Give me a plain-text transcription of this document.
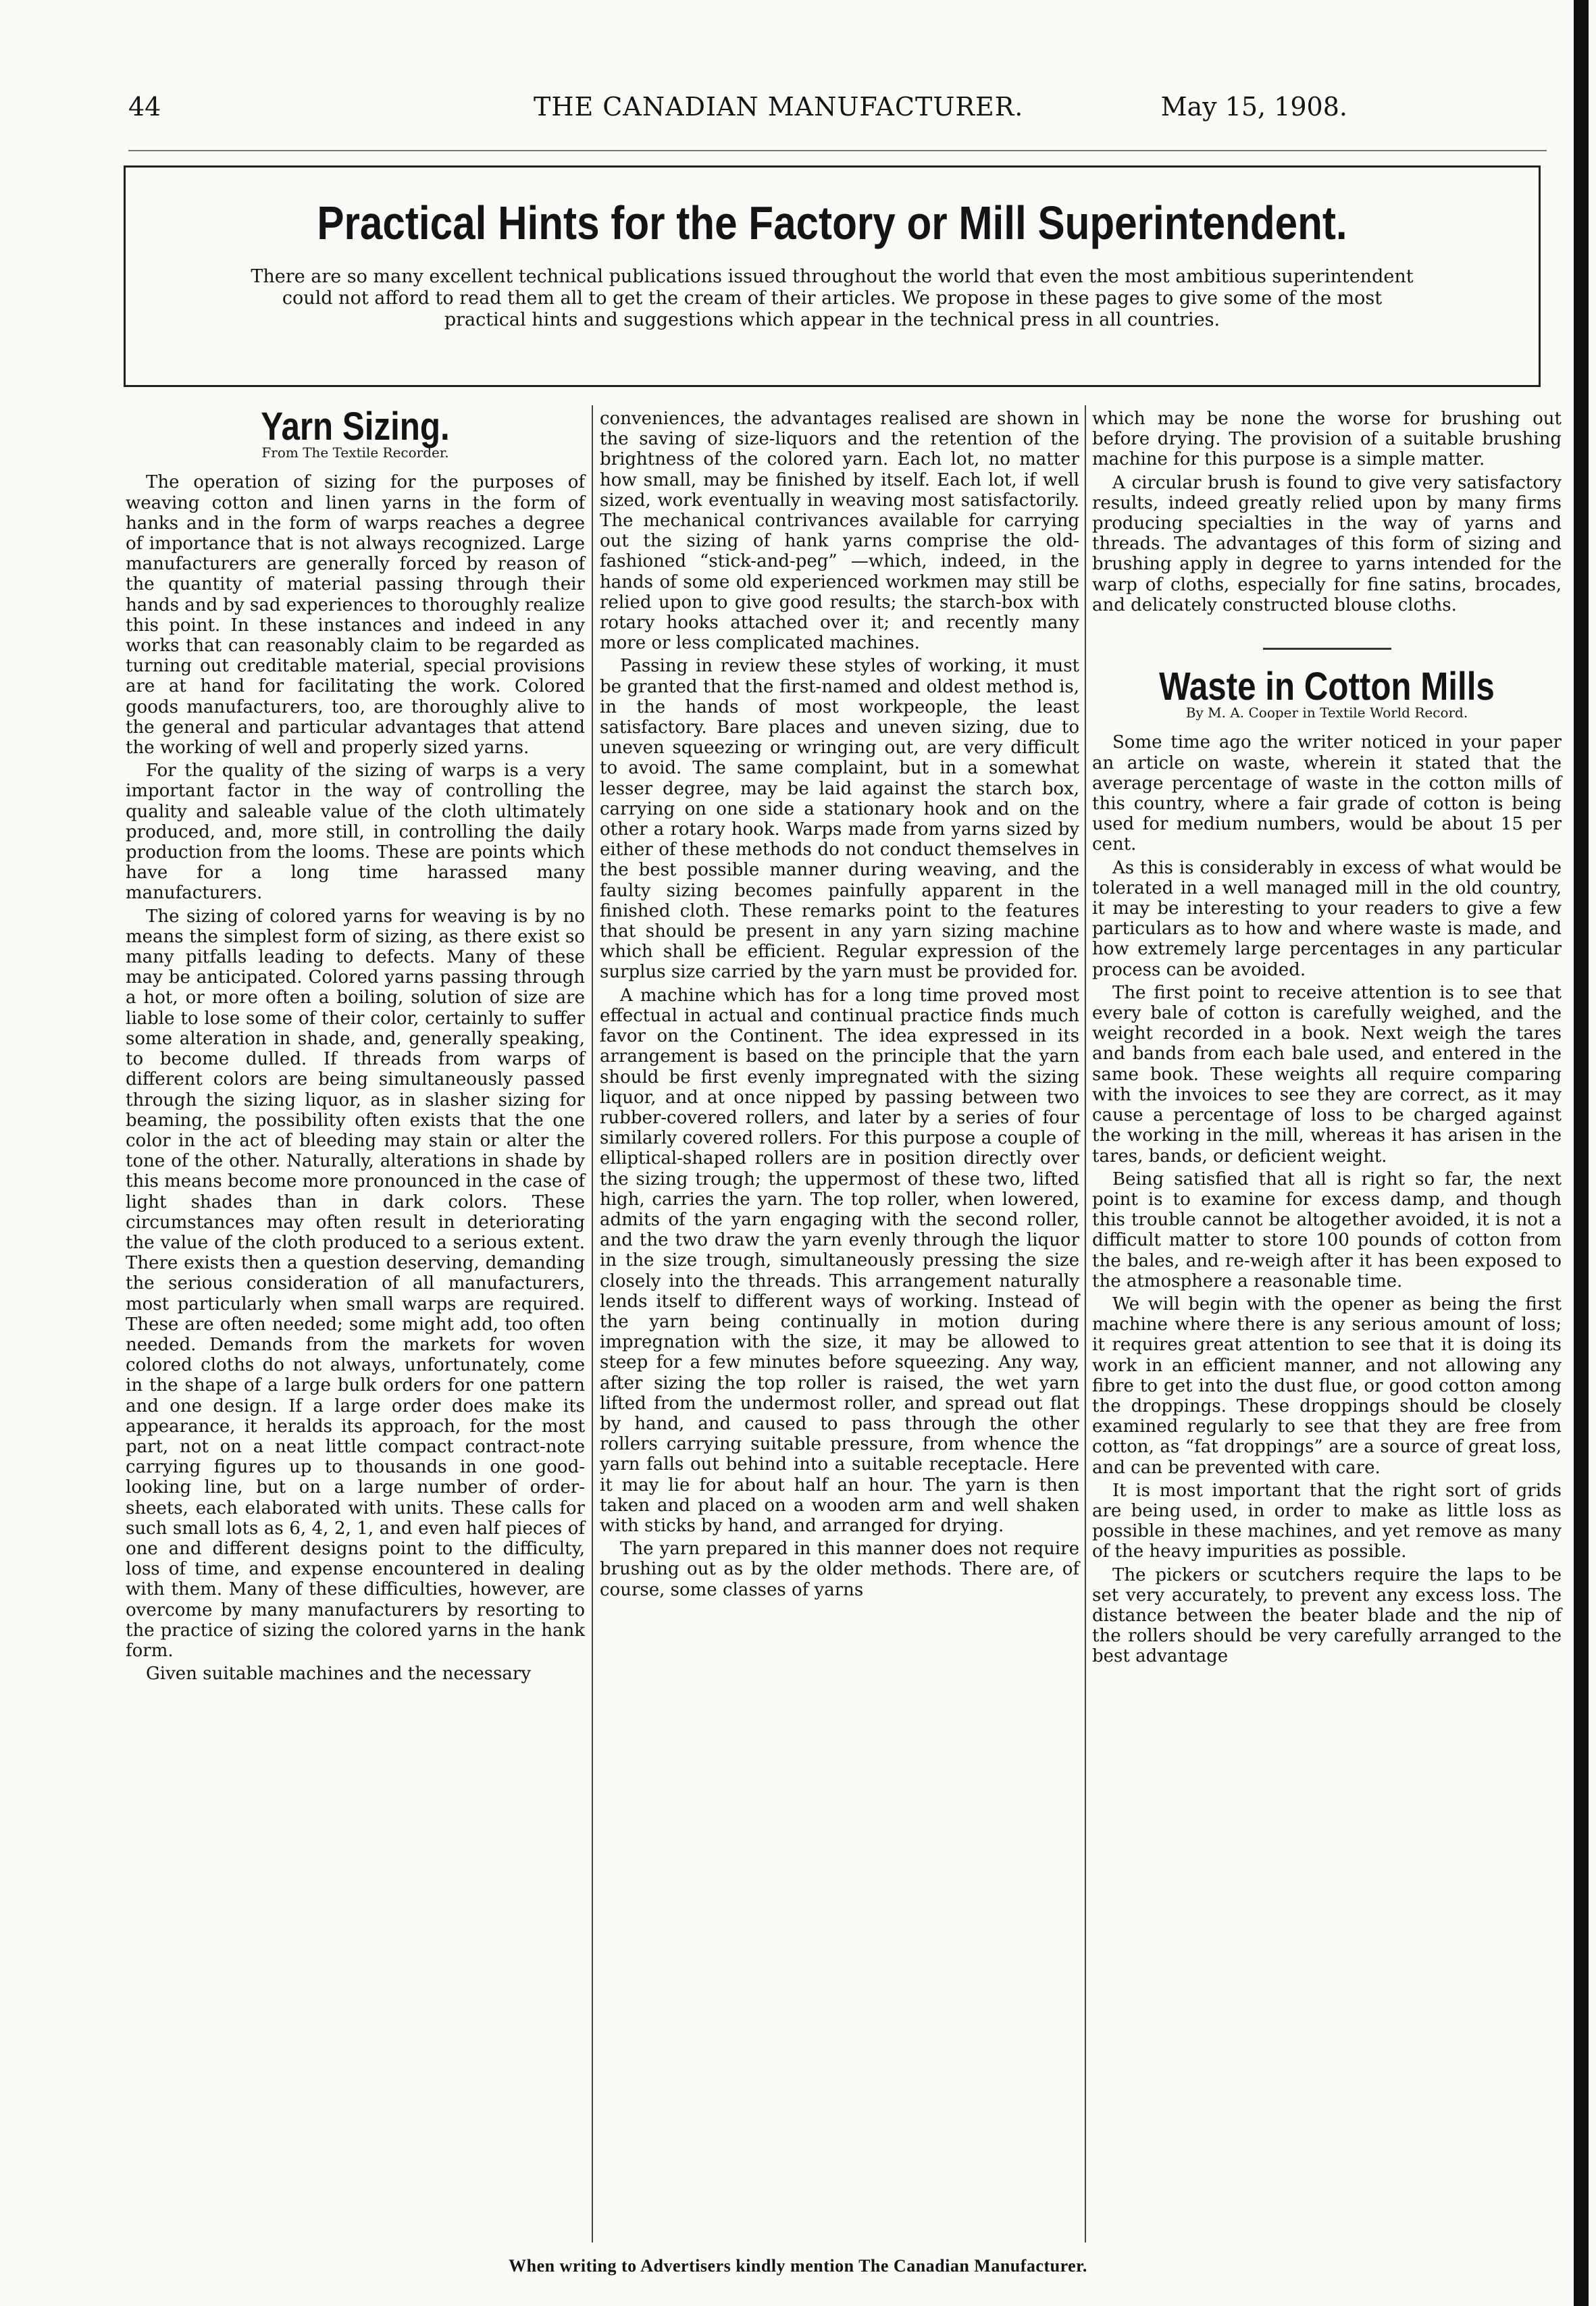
44	THE CANADIAN MANUFACTURER.	May 15, 1908.
Practical Hints for the Factory or Mill Superintendent.

There are so many excellent technical publications issued throughout the world that even the most ambitious superintendent could not afford to read them all to get the cream of their articles. We propose in these pages to give some of the most practical hints and suggestions which appear in the technical press in all countries.

Yarn Sizing.
From The Textile Recorder.

The operation of sizing for the purposes of weaving cotton and linen yarns in the form of hanks and in the form of warps reaches a degree of importance that is not always recognized. Large manufacturers are generally forced by reason of the quantity of material passing through their hands and by sad experiences to thoroughly realize this point. In these instances and indeed in any works that can reasonably claim to be regarded as turning out creditable material, special provisions are at hand for facilitating the work. Colored goods manufacturers, too, are thoroughly alive to the general and particular advantages that attend the working of well and properly sized yarns.

For the quality of the sizing of warps is a very important factor in the way of controlling the quality and saleable value of the cloth ultimately produced, and, more still, in controlling the daily production from the looms. These are points which have for a long time harassed many manufacturers.

The sizing of colored yarns for weaving is by no means the simplest form of sizing, as there exist so many pitfalls leading to defects. Many of these may be anticipated. Colored yarns passing through a hot, or more often a boiling, solution of size are liable to lose some of their color, certainly to suffer some alteration in shade, and, generally speaking, to become dulled. If threads from warps of different colors are being simultaneously passed through the sizing liquor, as in slasher sizing for beaming, the possibility often exists that the one color in the act of bleeding may stain or alter the tone of the other. Naturally, alterations in shade by this means become more pronounced in the case of light shades than in dark colors. These circumstances may often result in deteriorating the value of the cloth produced to a serious extent. There exists then a question deserving, demanding the serious consideration of all manufacturers, most particularly when small warps are required. These are often needed; some might add, too often needed. Demands from the markets for woven colored cloths do not always, unfortunately, come in the shape of a large bulk orders for one pattern and one design. If a large order does make its appearance, it heralds its approach, for the most part, not on a neat little compact contract-note carrying figures up to thousands in one good-looking line, but on a large number of order-sheets, each elaborated with units. These calls for such small lots as 6, 4, 2, 1, and even half pieces of one and different designs point to the difficulty, loss of time, and expense encountered in dealing with them. Many of these difficulties, however, are overcome by many manufacturers by resorting to the practice of sizing the colored yarns in the hank form.

Given suitable machines and the necessary

conveniences, the advantages realised are shown in the saving of size-liquors and the retention of the brightness of the colored yarn. Each lot, no matter how small, may be finished by itself. Each lot, if well sized, work eventually in weaving most satisfactorily. The mechanical contrivances available for carrying out the sizing of hank yarns comprise the old-fashioned “stick-and-peg” —which, indeed, in the hands of some old experienced workmen may still be relied upon to give good results; the starch-box with rotary hooks attached over it; and recently many more or less complicated machines.

Passing in review these styles of working, it must be granted that the first-named and oldest method is, in the hands of most workpeople, the least satisfactory. Bare places and uneven sizing, due to uneven squeezing or wringing out, are very difficult to avoid. The same complaint, but in a somewhat lesser degree, may be laid against the starch box, carrying on one side a stationary hook and on the other a rotary hook. Warps made from yarns sized by either of these methods do not conduct themselves in the best possible manner during weaving, and the faulty sizing becomes painfully apparent in the finished cloth. These remarks point to the features that should be present in any yarn sizing machine which shall be efficient. Regular expression of the surplus size carried by the yarn must be provided for.

A machine which has for a long time proved most effectual in actual and continual practice finds much favor on the Continent. The idea expressed in its arrangement is based on the principle that the yarn should be first evenly impregnated with the sizing liquor, and at once nipped by passing between two rubber-covered rollers, and later by a series of four similarly covered rollers. For this purpose a couple of elliptical-shaped rollers are in position directly over the sizing trough; the uppermost of these two, lifted high, carries the yarn. The top roller, when lowered, admits of the yarn engaging with the second roller, and the two draw the yarn evenly through the liquor in the size trough, simultaneously pressing the size closely into the threads. This arrangement naturally lends itself to different ways of working. Instead of the yarn being continually in motion during impregnation with the size, it may be allowed to steep for a few minutes before squeezing. Any way, after sizing the top roller is raised, the wet yarn lifted from the undermost roller, and spread out flat by hand, and caused to pass through the other rollers carrying suitable pressure, from whence the yarn falls out behind into a suitable receptacle. Here it may lie for about half an hour. The yarn is then taken and placed on a wooden arm and well shaken with sticks by hand, and arranged for drying.

The yarn prepared in this manner does not require brushing out as by the older methods. There are, of course, some classes of yarns

which may be none the worse for brushing out before drying. The provision of a suitable brushing machine for this purpose is a simple matter.

A circular brush is found to give very satisfactory results, indeed greatly relied upon by many firms producing specialties in the way of yarns and threads. The advantages of this form of sizing and brushing apply in degree to yarns intended for the warp of cloths, especially for fine satins, brocades, and delicately constructed blouse cloths.

Waste in Cotton Mills
By M. A. Cooper in Textile World Record.

Some time ago the writer noticed in your paper an article on waste, wherein it stated that the average percentage of waste in the cotton mills of this country, where a fair grade of cotton is being used for medium numbers, would be about 15 per cent.

As this is considerably in excess of what would be tolerated in a well managed mill in the old country, it may be interesting to your readers to give a few particulars as to how and where waste is made, and how extremely large percentages in any particular process can be avoided.

The first point to receive attention is to see that every bale of cotton is carefully weighed, and the weight recorded in a book. Next weigh the tares and bands from each bale used, and entered in the same book. These weights all require comparing with the invoices to see they are correct, as it may cause a percentage of loss to be charged against the working in the mill, whereas it has arisen in the tares, bands, or deficient weight.

Being satisfied that all is right so far, the next point is to examine for excess damp, and though this trouble cannot be altogether avoided, it is not a difficult matter to store 100 pounds of cotton from the bales, and re-weigh after it has been exposed to the atmosphere a reasonable time.

We will begin with the opener as being the first machine where there is any serious amount of loss; it requires great attention to see that it is doing its work in an efficient manner, and not allowing any fibre to get into the dust flue, or good cotton among the droppings. These droppings should be closely examined regularly to see that they are free from cotton, as “fat droppings” are a source of great loss, and can be prevented with care.

It is most important that the right sort of grids are being used, in order to make as little loss as possible in these machines, and yet remove as many of the heavy impurities as possible.

The pickers or scutchers require the laps to be set very accurately, to prevent any excess loss. The distance between the beater blade and the nip of the rollers should be very carefully arranged to the best advantage

When writing to Advertisers kindly mention The Canadian Manufacturer.
